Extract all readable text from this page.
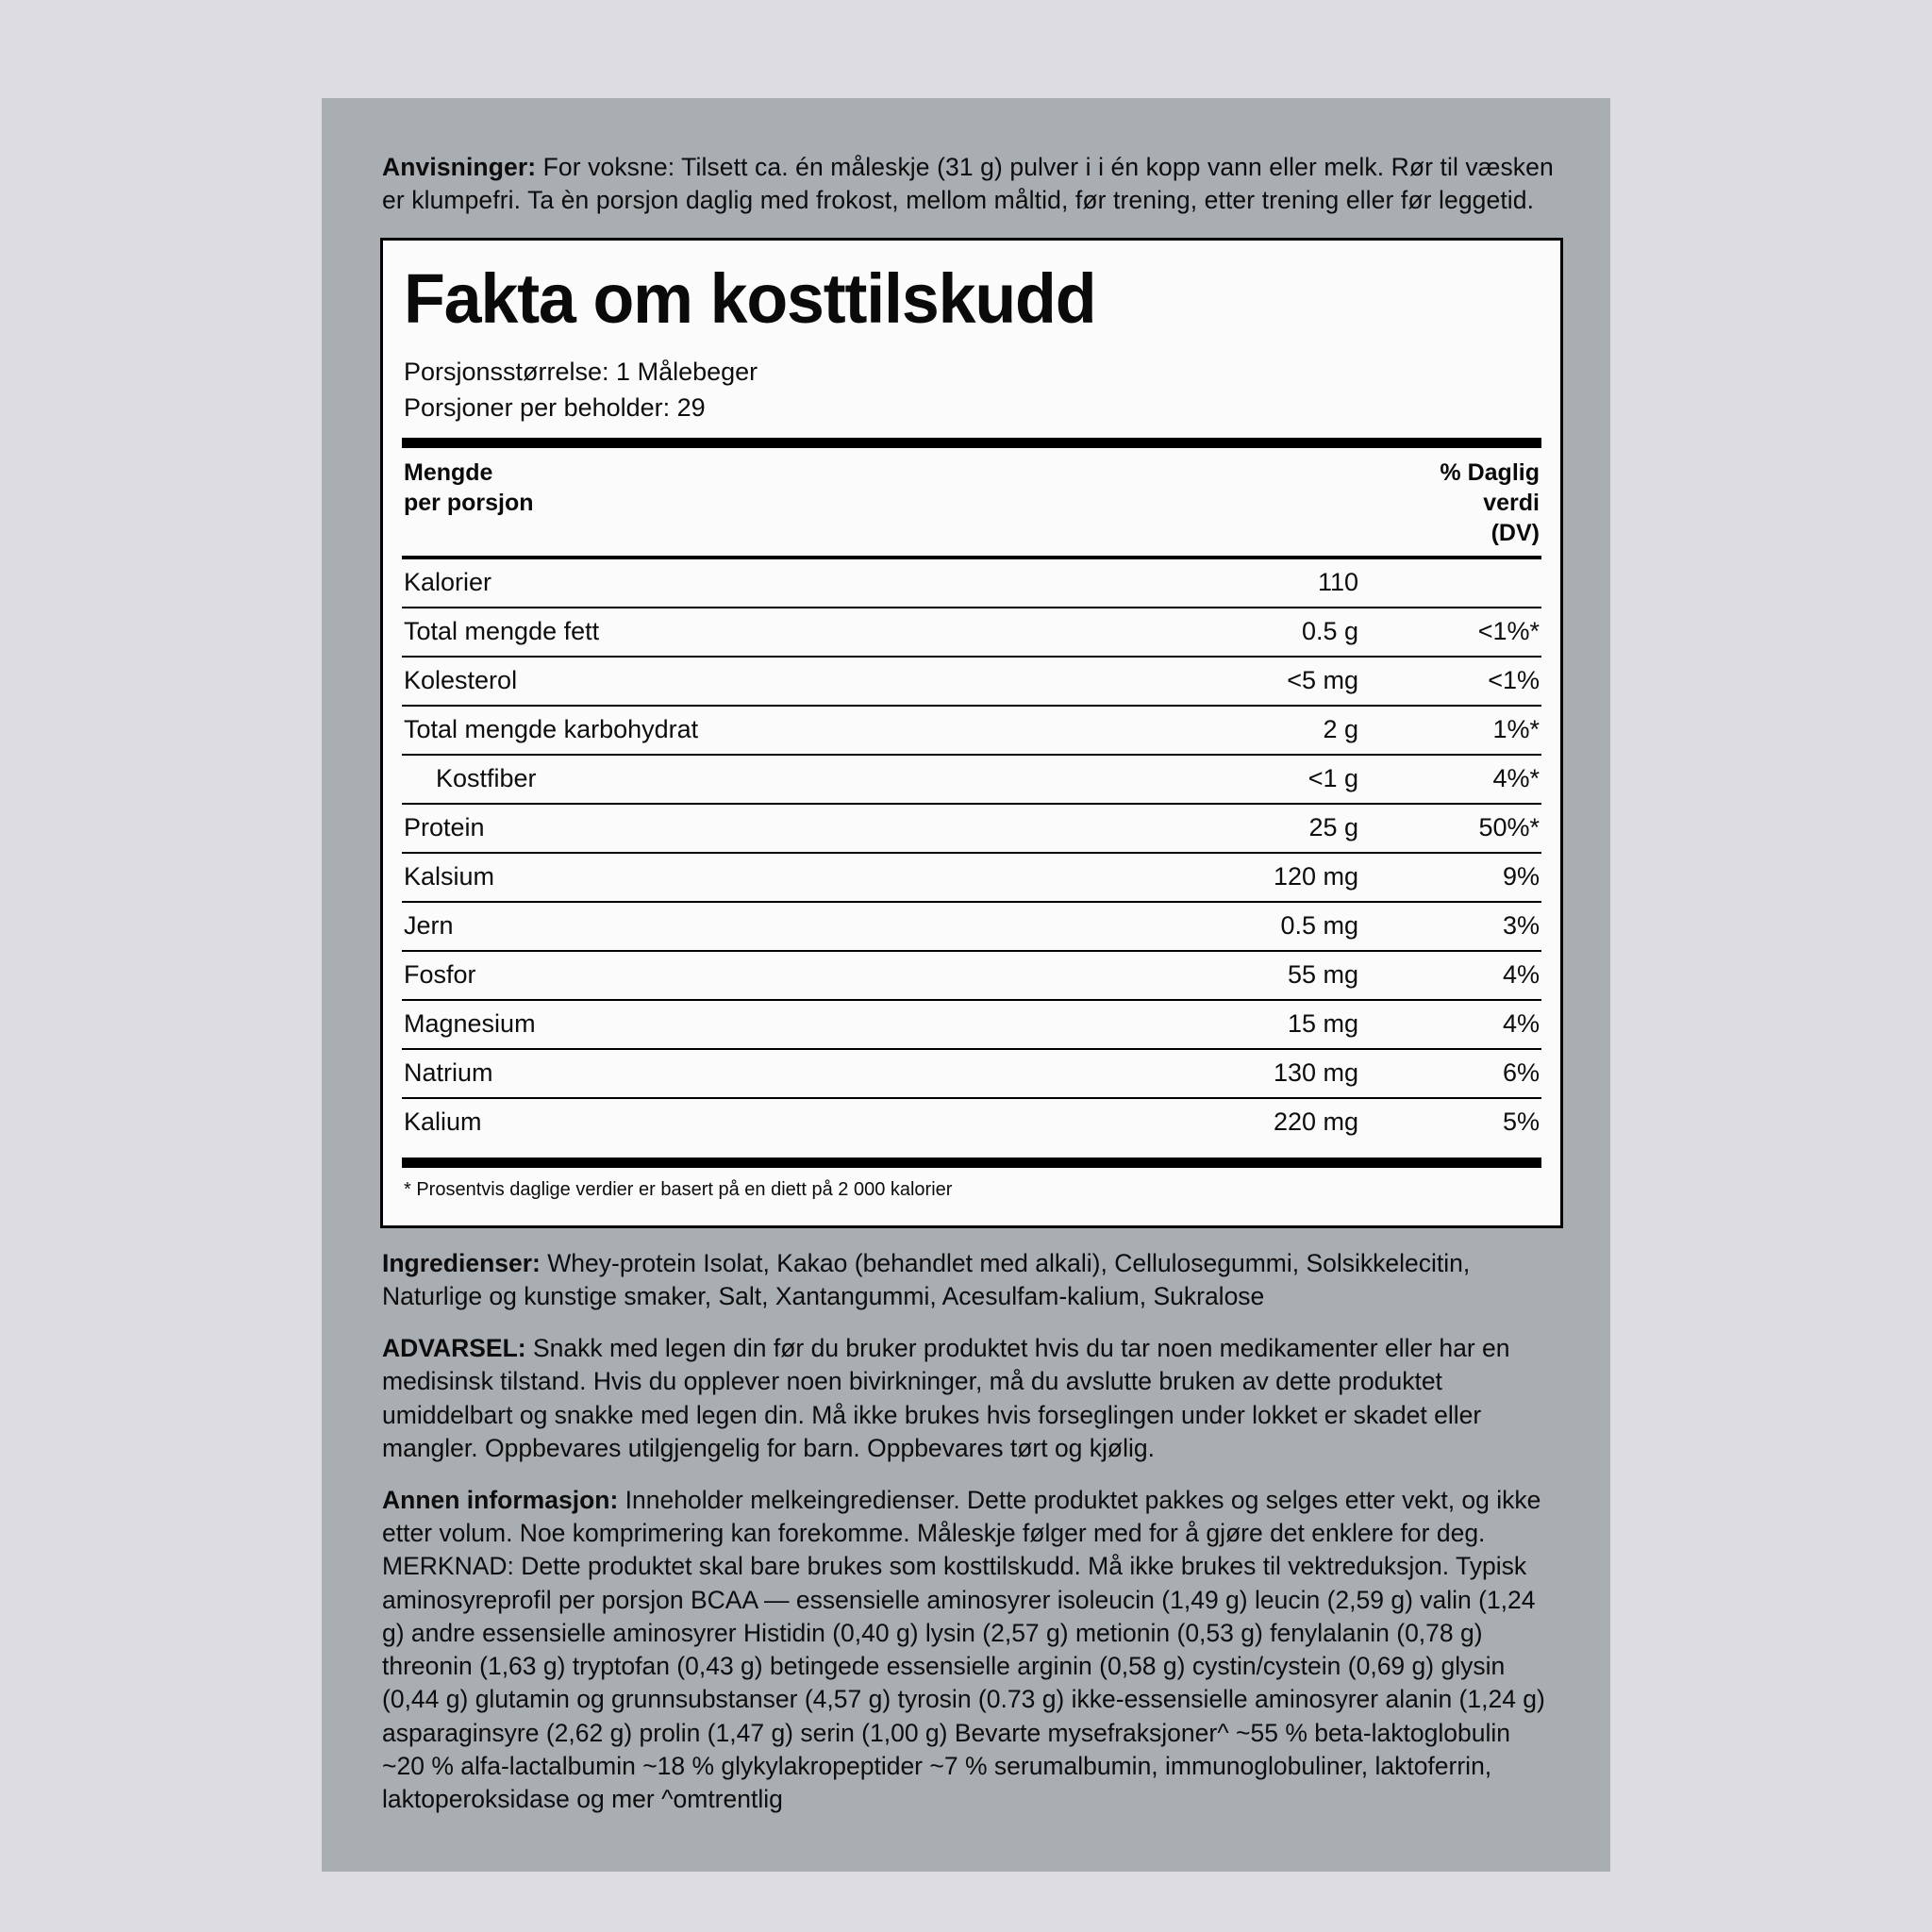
Anvisninger: For voksne: Tilsett ca. én måleskje (31 g) pulver i i én kopp vann eller melk. Rør til væsken er klumpefri. Ta èn porsjon daglig med frokost, mellom måltid, før trening, etter trening eller før leggetid.

Fakta om kosttilskudd
Porsjonsstørrelse: 1 Målebeger
Porsjoner per beholder: 29
Mengde
per porsjon
% Daglig
verdi
(DV)
Kalorier	110
Total mengde fett	0.5 g	<1%*
Kolesterol	<5 mg	<1%
Total mengde karbohydrat	2 g	1%*
Kostfiber	<1 g	4%*
Protein	25 g	50%*
Kalsium	120 mg	9%
Jern	0.5 mg	3%
Fosfor	55 mg	4%
Magnesium	15 mg	4%
Natrium	130 mg	6%
Kalium	220 mg	5%
* Prosentvis daglige verdier er basert på en diett på 2 000 kalorier

Ingredienser: Whey-protein Isolat, Kakao (behandlet med alkali), Cellulosegummi, Solsikkelecitin, Naturlige og kunstige smaker, Salt, Xantangummi, Acesulfam-kalium, Sukralose

ADVARSEL: Snakk med legen din før du bruker produktet hvis du tar noen medikamenter eller har en medisinsk tilstand. Hvis du opplever noen bivirkninger, må du avslutte bruken av dette produktet umiddelbart og snakke med legen din. Må ikke brukes hvis forseglingen under lokket er skadet eller mangler. Oppbevares utilgjengelig for barn. Oppbevares tørt og kjølig.

Annen informasjon: Inneholder melkeingredienser. Dette produktet pakkes og selges etter vekt, og ikke etter volum. Noe komprimering kan forekomme. Måleskje følger med for å gjøre det enklere for deg. MERKNAD: Dette produktet skal bare brukes som kosttilskudd. Må ikke brukes til vektreduksjon. Typisk aminosyreprofil per porsjon BCAA — essensielle aminosyrer isoleucin (1,49 g) leucin (2,59 g) valin (1,24 g) andre essensielle aminosyrer Histidin (0,40 g) lysin (2,57 g) metionin (0,53 g) fenylalanin (0,78 g) threonin (1,63 g) tryptofan (0,43 g) betingede essensielle arginin (0,58 g) cystin/cystein (0,69 g) glysin (0,44 g) glutamin og grunnsubstanser (4,57 g) tyrosin (0.73 g) ikke-essensielle aminosyrer alanin (1,24 g) asparaginsyre (2,62 g) prolin (1,47 g) serin (1,00 g) Bevarte mysefraksjoner^ ~55 % beta-laktoglobulin ~20 % alfa-lactalbumin ~18 % glykylakropeptider ~7 % serumalbumin, immunoglobuliner, laktoferrin, laktoperoksidase og mer ^omtrentlig
